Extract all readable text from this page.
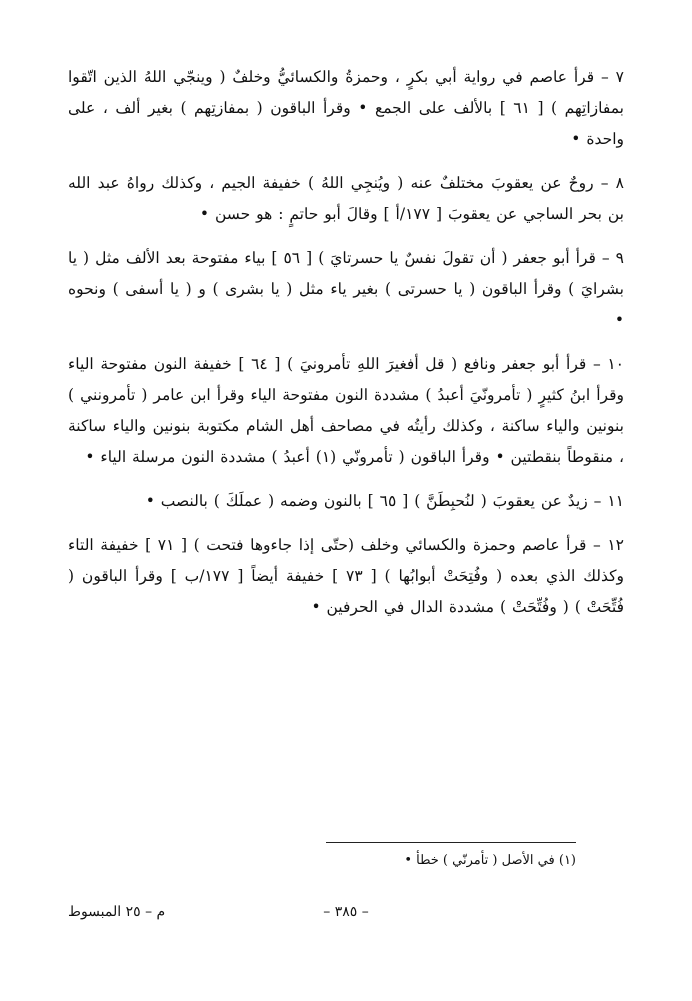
٧ – قرأ عاصم في رواية أبي بكرٍ ، وحمزةُ والكسائيُّ وخلفٌ ( وينجّي اللهُ الذين اتّقوا بمفازاتِهم ) [ ٦١ ] بالألف على الجمع • وقرأ الباقون ( بمفازتِهم ) بغير ألف ، على واحدة •

٨ – روحٌ عن يعقوبَ مختلفٌ عنه ( ويُنجِي اللهُ ) خفيفة الجيم ، وكذلك رواهُ عبد الله بن بحر الساجي عن يعقوبَ [ ١٧٧/أ ] وقالَ أبو حاتمٍ : هو حسن •

٩ – قرأ أبو جعفر ( أن تقولَ نفسٌ يا حسرتايَ ) [ ٥٦ ] بياء مفتوحة بعد الألف مثل ( يا بشرايَ ) وقرأ الباقون ( يا حسرتى ) بغير ياء مثل ( يا بشرى ) و ( يا أسفى ) ونحوه •

١٠ – قرأ أبو جعفر ونافع ( قل أفغيرَ اللهِ تأمرونيَ ) [ ٦٤ ] خفيفة النون مفتوحة الياء وقرأ ابنُ كثيرٍ ( تأمرونّيَ أعبدُ ) مشددة النون مفتوحة الياء وقرأ ابن عامر ( تأمرونني ) بنونين والياء ساكنة ، وكذلك رأيتُه في مصاحف أهل الشام مكتوبة بنونين والياء ساكنة ، منقوطاً بنقطتين • وقرأ الباقون ( تأمرونّي (١) أعبدُ ) مشددة النون مرسلة الياء •

١١ – زيدٌ عن يعقوبَ ( لنُحبِطَنَّ ) [ ٦٥ ] بالنون وضمه ( عملَكَ ) بالنصب •

١٢ – قرأ عاصم وحمزة والكسائي وخلف (حتّى إذا جاءوها فتحت ) [ ٧١ ] خفيفة التاء وكذلك الذي بعده ( وفُتِحَتْ أبوابُها ) [ ٧٣ ] خفيفة أيضاً [ ١٧٧/ب ] وقرأ الباقون ( فُتِّحَتْ ) ( وفُتِّحَتْ ) مشددة الدال في الحرفين •

(١) في الأصل ( تأمرنّي ) خطأ •
– ٣٨٥ –
م – ٢٥ المبسوط
